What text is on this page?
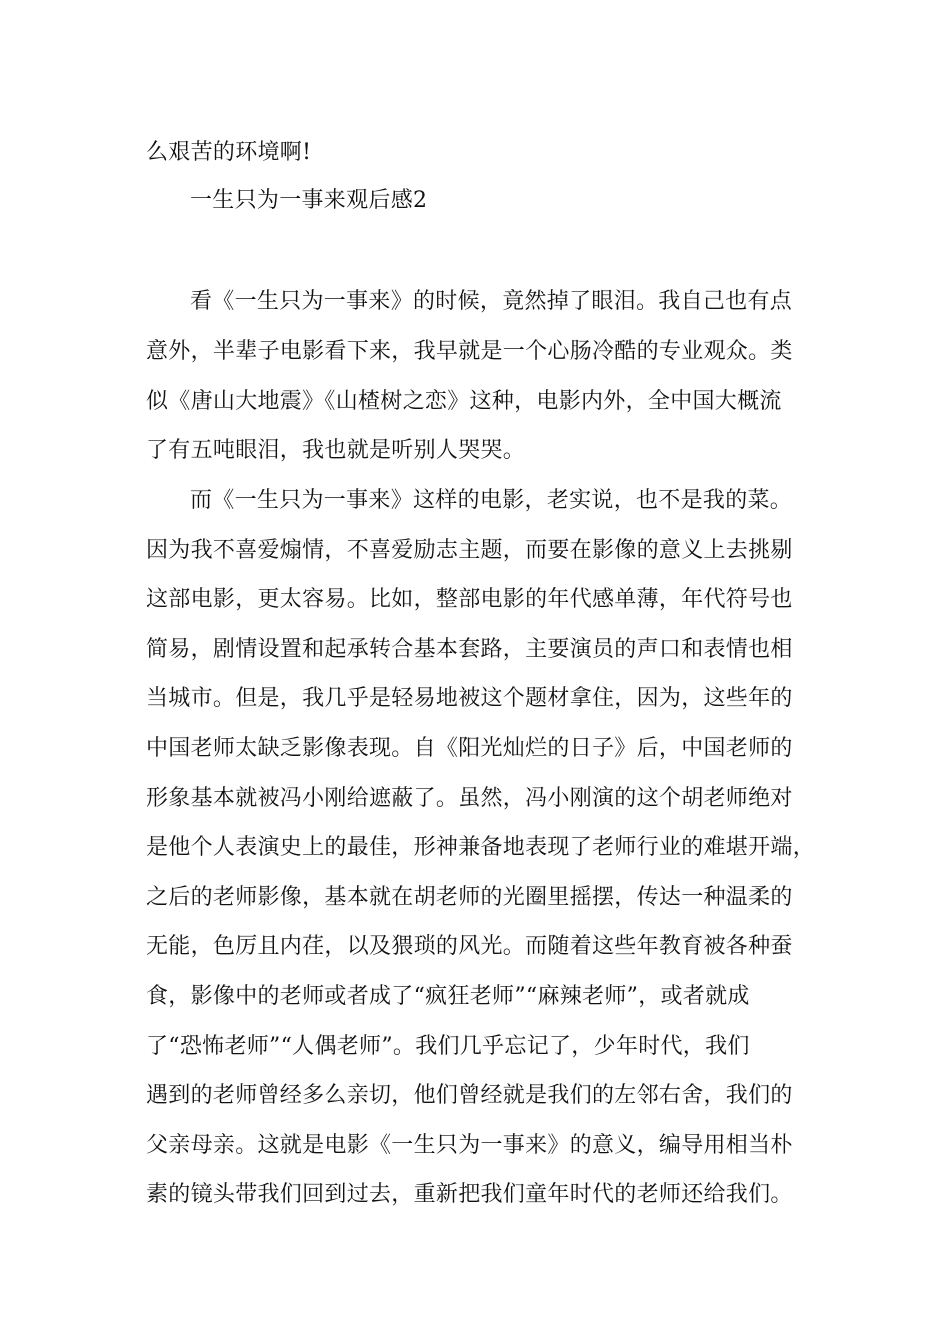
么艰苦的环境啊!
一生只为一事来观后感2
看《一生只为一事来》的时候，竟然掉了眼泪。我自己也有点
意外，半辈子电影看下来，我早就是一个心肠冷酷的专业观众。类
似《唐山大地震》《山楂树之恋》这种，电影内外，全中国大概流
了有五吨眼泪，我也就是听别人哭哭。
而《一生只为一事来》这样的电影，老实说，也不是我的菜。
因为我不喜爱煽情，不喜爱励志主题，而要在影像的意义上去挑剔
这部电影，更太容易。比如，整部电影的年代感单薄，年代符号也
简易，剧情设置和起承转合基本套路，主要演员的声口和表情也相
当城市。但是，我几乎是轻易地被这个题材拿住，因为，这些年的
中国老师太缺乏影像表现。自《阳光灿烂的日子》后，中国老师的
形象基本就被冯小刚给遮蔽了。虽然，冯小刚演的这个胡老师绝对
是他个人表演史上的最佳，形神兼备地表现了老师行业的难堪开端，
之后的老师影像，基本就在胡老师的光圈里摇摆，传达一种温柔的
无能，色厉且内荏，以及猥琐的风光。而随着这些年教育被各种蚕
食，影像中的老师或者成了“疯狂老师”“麻辣老师”，或者就成
了“恐怖老师”“人偶老师”。我们几乎忘记了，少年时代，我们
遇到的老师曾经多么亲切，他们曾经就是我们的左邻右舍，我们的
父亲母亲。这就是电影《一生只为一事来》的意义，编导用相当朴
素的镜头带我们回到过去，重新把我们童年时代的老师还给我们。
